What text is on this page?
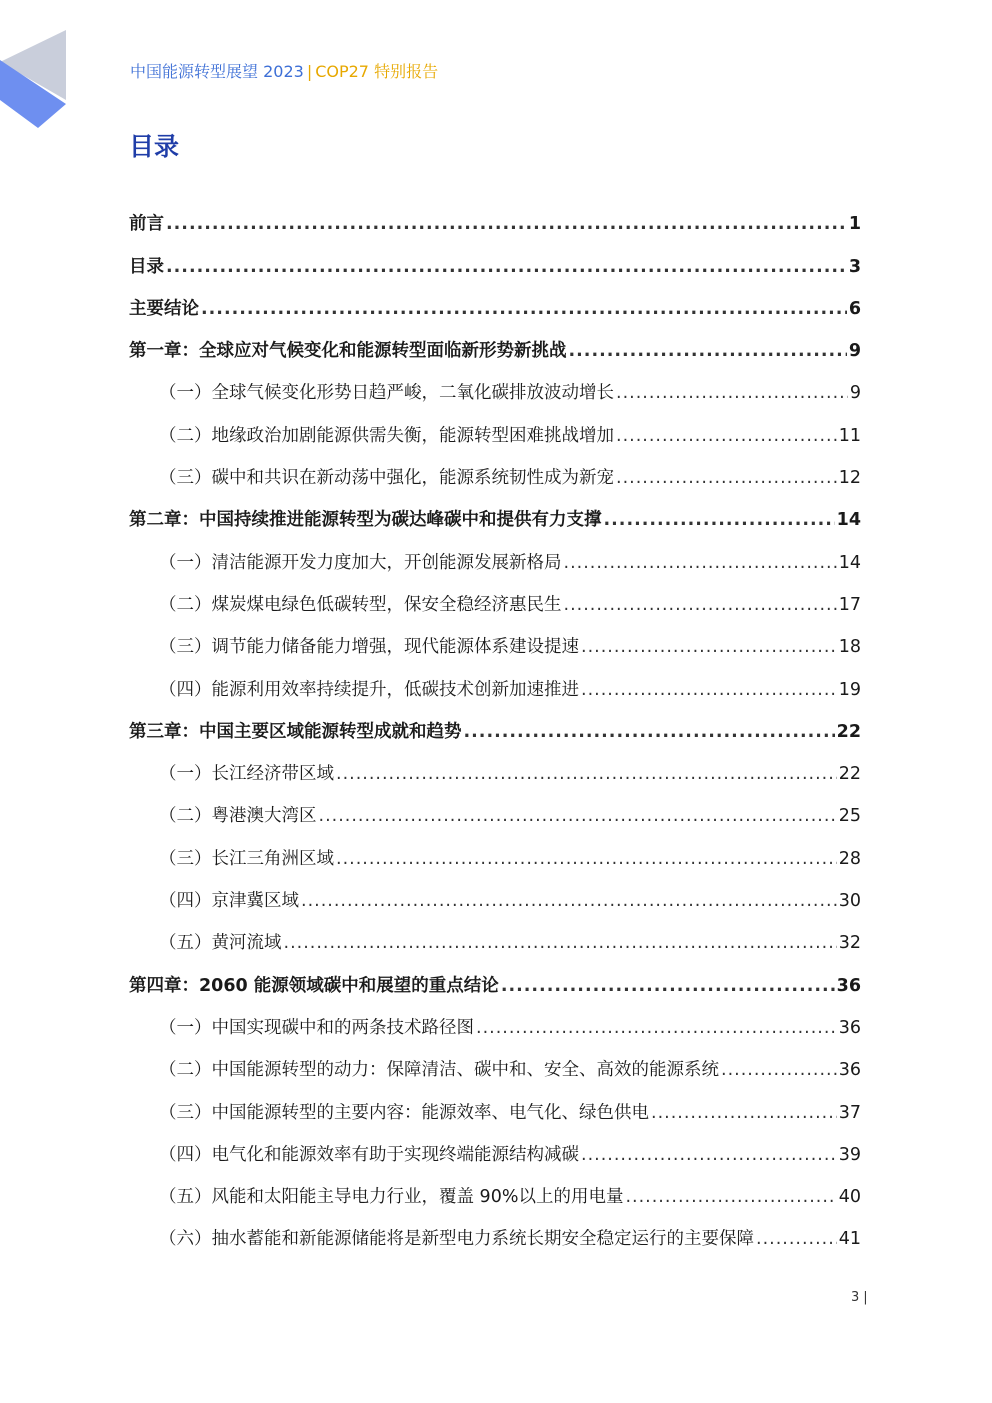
中国能源转型展望 2023 | COP27 特别报告
目录
前言 .....	1
目录 .....	3
主要结论 .....	6
第一章：全球应对气候变化和能源转型面临新形势新挑战 .....	9
（一）全球气候变化形势日趋严峻，二氧化碳排放波动增长 .....	9
（二）地缘政治加剧能源供需失衡，能源转型困难挑战增加 .....	11
（三）碳中和共识在新动荡中强化，能源系统韧性成为新宠 .....	12
第二章：中国持续推进能源转型为碳达峰碳中和提供有力支撑 .....	14
（一）清洁能源开发力度加大，开创能源发展新格局 .....	14
（二）煤炭煤电绿色低碳转型，保安全稳经济惠民生 .....	17
（三）调节能力储备能力增强，现代能源体系建设提速 .....	18
（四）能源利用效率持续提升，低碳技术创新加速推进 .....	19
第三章：中国主要区域能源转型成就和趋势 .....	22
（一）长江经济带区域 .....	22
（二）粤港澳大湾区 .....	25
（三）长江三角洲区域 .....	28
（四）京津冀区域 .....	30
（五）黄河流域 .....	32
第四章：2060 能源领域碳中和展望的重点结论 .....	36
（一）中国实现碳中和的两条技术路径图 .....	36
（二）中国能源转型的动力：保障清洁、碳中和、安全、高效的能源系统 .....	36
（三）中国能源转型的主要内容：能源效率、电气化、绿色供电 .....	37
（四）电气化和能源效率有助于实现终端能源结构减碳 .....	39
（五）风能和太阳能主导电力行业，覆盖 90%以上的用电量 .....	40
（六）抽水蓄能和新能源储能将是新型电力系统长期安全稳定运行的主要保障 .....	41
3 |
